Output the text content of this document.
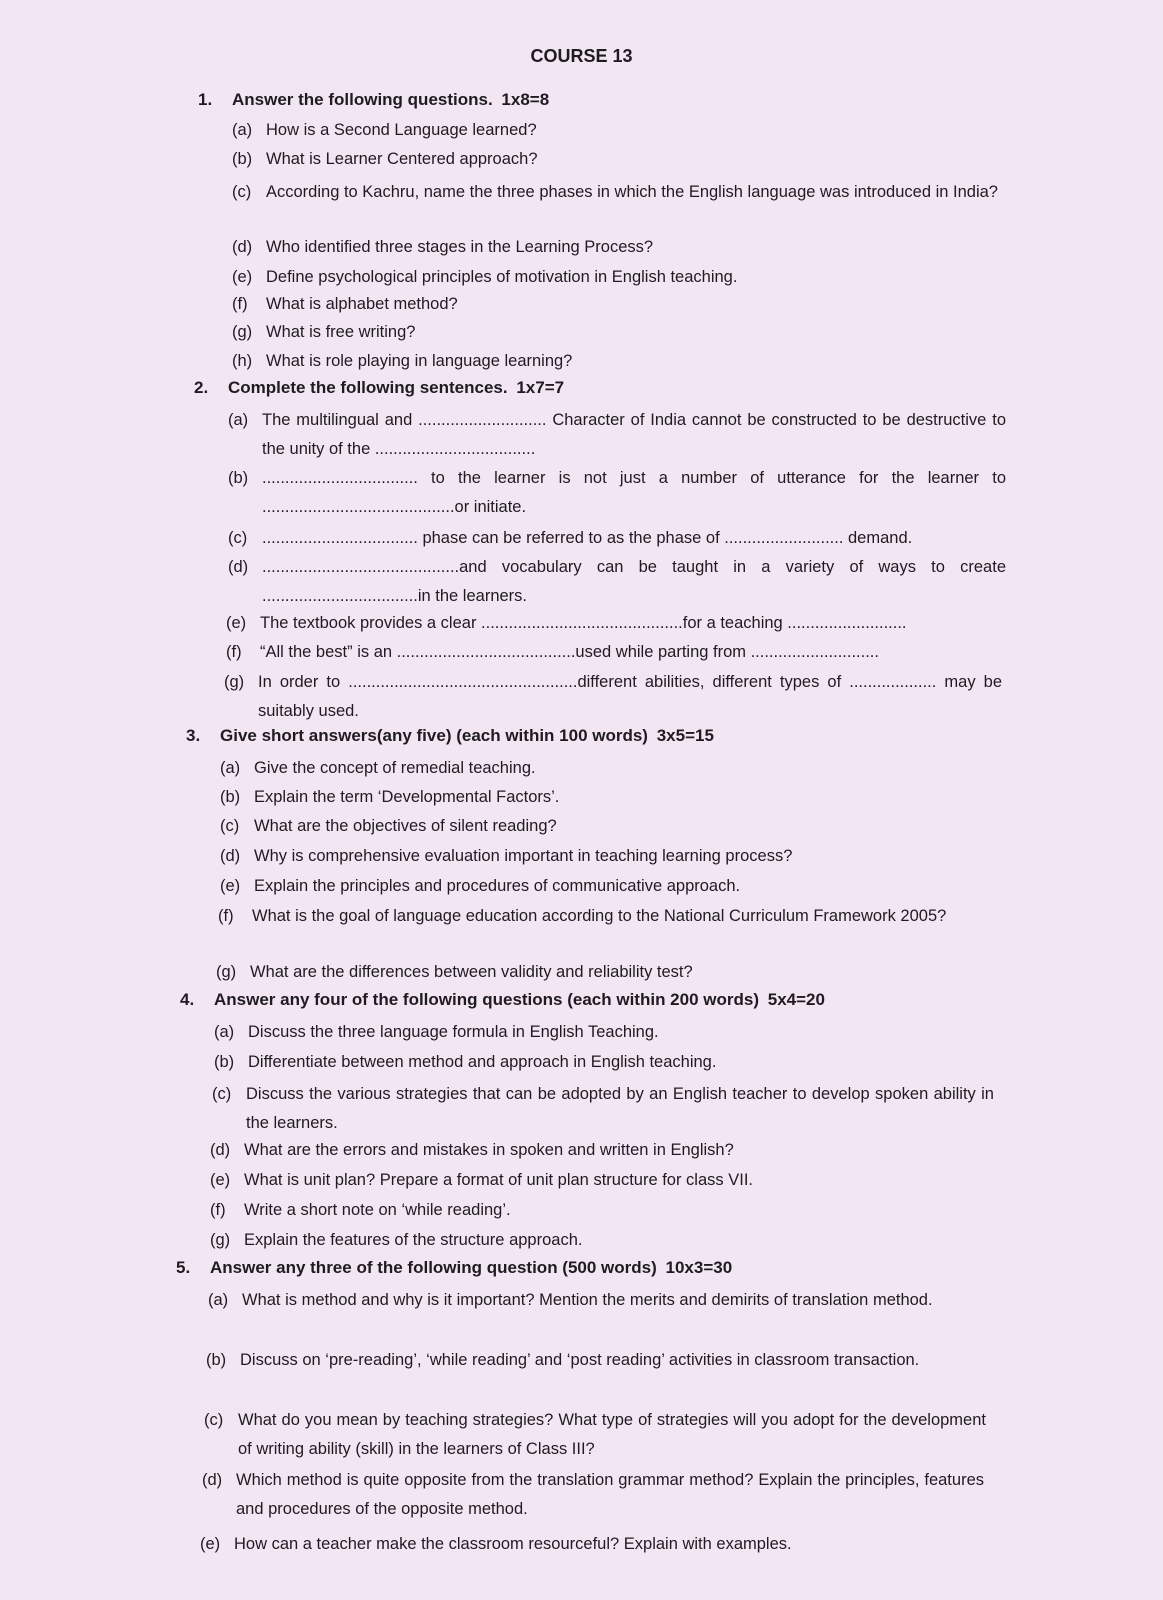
COURSE 13
1. Answer the following questions. 1x8=8
(a) How is a Second Language learned?
(b) What is Learner Centered approach?
(c) According to Kachru, name the three phases in which the English language was introduced in India?
(d) Who identified three stages in the Learning Process?
(e) Define psychological principles of motivation in English teaching.
(f) What is alphabet method?
(g) What is free writing?
(h) What is role playing in language learning?
2. Complete the following sentences. 1x7=7
(a) The multilingual and ............................ Character of India cannot be constructed to be destructive to the unity of the ...................................
(b) .................................. to the learner is not just a number of utterance for the learner to ..........................................or initiate.
(c) .................................. phase can be referred to as the phase of .......................... demand.
(d) ...........................................and vocabulary can be taught in a variety of ways to create ..................................in the learners.
(e) The textbook provides a clear ............................................for a teaching ..........................
(f) “All the best” is an .......................................used while parting from ............................
(g) In order to ..................................................different abilities, different types of ................... may be suitably used.
3. Give short answers(any five) (each within 100 words) 3x5=15
(a) Give the concept of remedial teaching.
(b) Explain the term ‘Developmental Factors’.
(c) What are the objectives of silent reading?
(d) Why is comprehensive evaluation important in teaching learning process?
(e) Explain the principles and procedures of communicative approach.
(f) What is the goal of language education according to the National Curriculum Framework 2005?
(g) What are the differences between validity and reliability test?
4. Answer any four of the following questions (each within 200 words) 5x4=20
(a) Discuss the three language formula in English Teaching.
(b) Differentiate between method and approach in English teaching.
(c) Discuss the various strategies that can be adopted by an English teacher to develop spoken ability in the learners.
(d) What are the errors and mistakes in spoken and written in English?
(e) What is unit plan? Prepare a format of unit plan structure for class VII.
(f) Write a short note on ‘while reading’.
(g) Explain the features of the structure approach.
5. Answer any three of the following question (500 words) 10x3=30
(a) What is method and why is it important? Mention the merits and demirits of translation method.
(b) Discuss on ‘pre-reading’, ‘while reading’ and ‘post reading’ activities in classroom transaction.
(c) What do you mean by teaching strategies? What type of strategies will you adopt for the development of writing ability (skill) in the learners of Class III?
(d) Which method is quite opposite from the translation grammar method? Explain the principles, features and procedures of the opposite method.
(e) How can a teacher make the classroom resourceful? Explain with examples.
